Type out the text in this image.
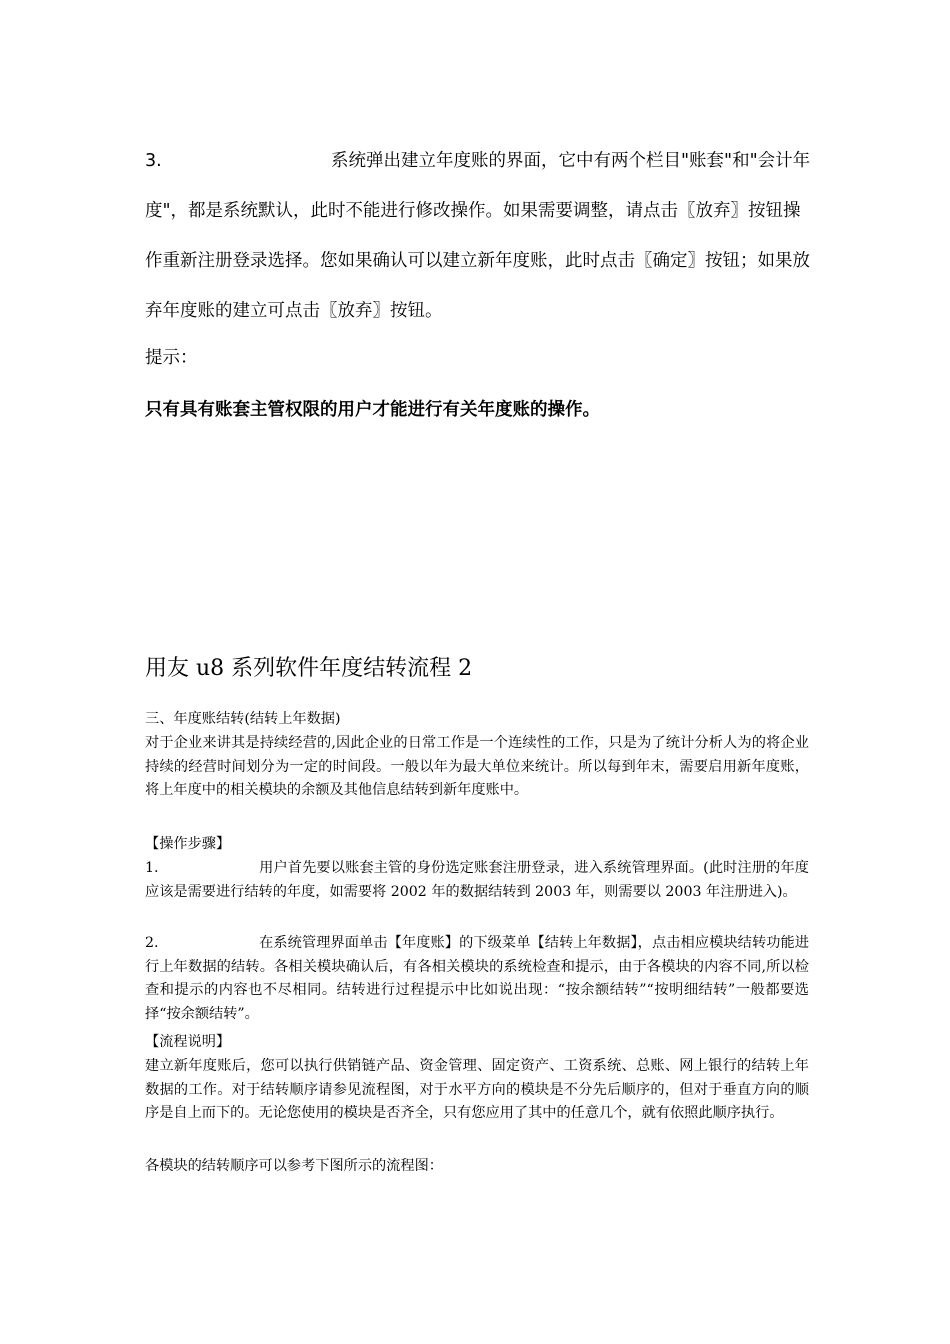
3.	系统弹出建立年度账的界面，它中有两个栏目"账套"和"会计年度"，都是系统默认，此时不能进行修改操作。如果需要调整，请点击〖放弃〗按钮操作重新注册登录选择。您如果确认可以建立新年度账，此时点击〖确定〗按钮；如果放弃年度账的建立可点击〖放弃〗按钮。

提示：

只有具有账套主管权限的用户才能进行有关年度账的操作。

用友 u8 系列软件年度结转流程 2

三、年度账结转(结转上年数据)

对于企业来讲其是持续经营的,因此企业的日常工作是一个连续性的工作，只是为了统计分析人为的将企业持续的经营时间划分为一定的时间段。一般以年为最大单位来统计。所以每到年末，需要启用新年度账，将上年度中的相关模块的余额及其他信息结转到新年度账中。

【操作步骤】

1.	用户首先要以账套主管的身份选定账套注册登录，进入系统管理界面。(此时注册的年度应该是需要进行结转的年度，如需要将 2002 年的数据结转到 2003 年，则需要以 2003 年注册进入)。

2.	在系统管理界面单击【年度账】的下级菜单【结转上年数据】，点击相应模块结转功能进行上年数据的结转。各相关模块确认后，有各相关模块的系统检查和提示，由于各模块的内容不同,所以检查和提示的内容也不尽相同。结转进行过程提示中比如说出现：“按余额结转”“按明细结转”一般都要选择“按余额结转”。

【流程说明】

建立新年度账后，您可以执行供销链产品、资金管理、固定资产、工资系统、总账、网上银行的结转上年数据的工作。对于结转顺序请参见流程图，对于水平方向的模块是不分先后顺序的，但对于垂直方向的顺序是自上而下的。无论您使用的模块是否齐全，只有您应用了其中的任意几个，就有依照此顺序执行。

各模块的结转顺序可以参考下图所示的流程图：
